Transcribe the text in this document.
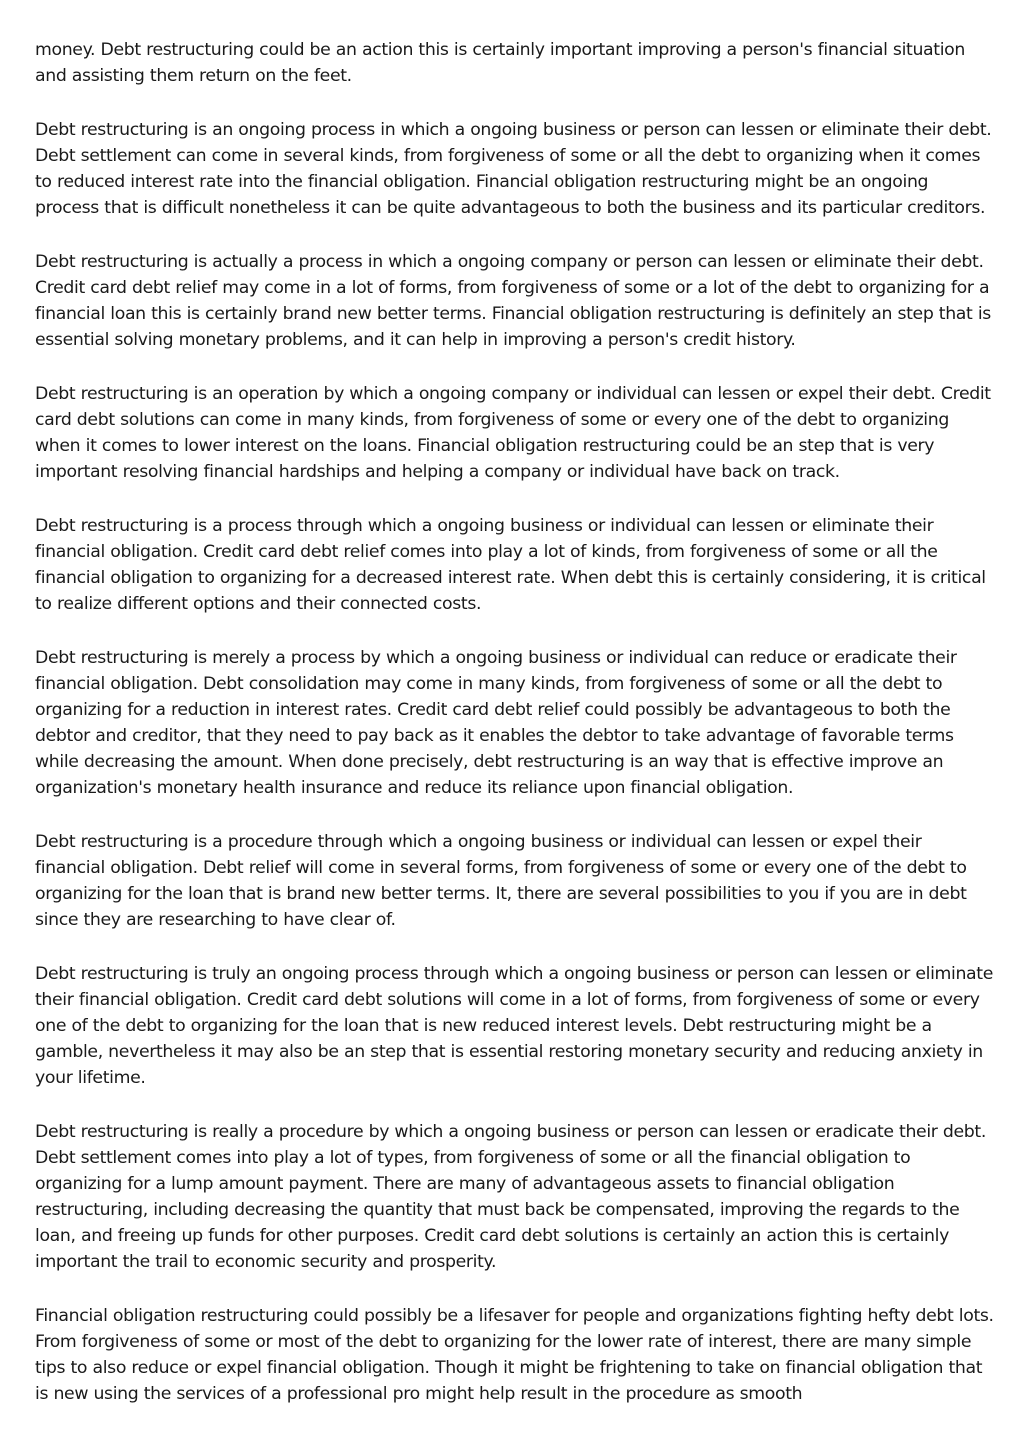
money. Debt restructuring could be an action this is certainly important improving a person's financial situation and assisting them return on the feet.

Debt restructuring is an ongoing process in which a ongoing business or person can lessen or eliminate their debt. Debt settlement can come in several kinds, from forgiveness of some or all the debt to organizing when it comes to reduced interest rate into the financial obligation. Financial obligation restructuring might be an ongoing process that is difficult nonetheless it can be quite advantageous to both the business and its particular creditors.

Debt restructuring is actually a process in which a ongoing company or person can lessen or eliminate their debt. Credit card debt relief may come in a lot of forms, from forgiveness of some or a lot of the debt to organizing for a financial loan this is certainly brand new better terms. Financial obligation restructuring is definitely an step that is essential solving monetary problems, and it can help in improving a person's credit history.

Debt restructuring is an operation by which a ongoing company or individual can lessen or expel their debt. Credit card debt solutions can come in many kinds, from forgiveness of some or every one of the debt to organizing when it comes to lower interest on the loans. Financial obligation restructuring could be an step that is very important resolving financial hardships and helping a company or individual have back on track.

Debt restructuring is a process through which a ongoing business or individual can lessen or eliminate their financial obligation. Credit card debt relief comes into play a lot of kinds, from forgiveness of some or all the financial obligation to organizing for a decreased interest rate. When debt this is certainly considering, it is critical to realize different options and their connected costs.

Debt restructuring is merely a process by which a ongoing business or individual can reduce or eradicate their financial obligation. Debt consolidation may come in many kinds, from forgiveness of some or all the debt to organizing for a reduction in interest rates. Credit card debt relief could possibly be advantageous to both the debtor and creditor, that they need to pay back as it enables the debtor to take advantage of favorable terms while decreasing the amount. When done precisely, debt restructuring is an way that is effective improve an organization's monetary health insurance and reduce its reliance upon financial obligation.

Debt restructuring is a procedure through which a ongoing business or individual can lessen or expel their financial obligation. Debt relief will come in several forms, from forgiveness of some or every one of the debt to organizing for the loan that is brand new better terms. It, there are several possibilities to you if you are in debt since they are researching to have clear of.

Debt restructuring is truly an ongoing process through which a ongoing business or person can lessen or eliminate their financial obligation. Credit card debt solutions will come in a lot of forms, from forgiveness of some or every one of the debt to organizing for the loan that is new reduced interest levels. Debt restructuring might be a gamble, nevertheless it may also be an step that is essential restoring monetary security and reducing anxiety in your lifetime.

Debt restructuring is really a procedure by which a ongoing business or person can lessen or eradicate their debt. Debt settlement comes into play a lot of types, from forgiveness of some or all the financial obligation to organizing for a lump amount payment. There are many of advantageous assets to financial obligation restructuring, including decreasing the quantity that must back be compensated, improving the regards to the loan, and freeing up funds for other purposes. Credit card debt solutions is certainly an action this is certainly important the trail to economic security and prosperity.

Financial obligation restructuring could possibly be a lifesaver for people and organizations fighting hefty debt lots. From forgiveness of some or most of the debt to organizing for the lower rate of interest, there are many simple tips to also reduce or expel financial obligation. Though it might be frightening to take on financial obligation that is new using the services of a professional pro might help result in the procedure as smooth
